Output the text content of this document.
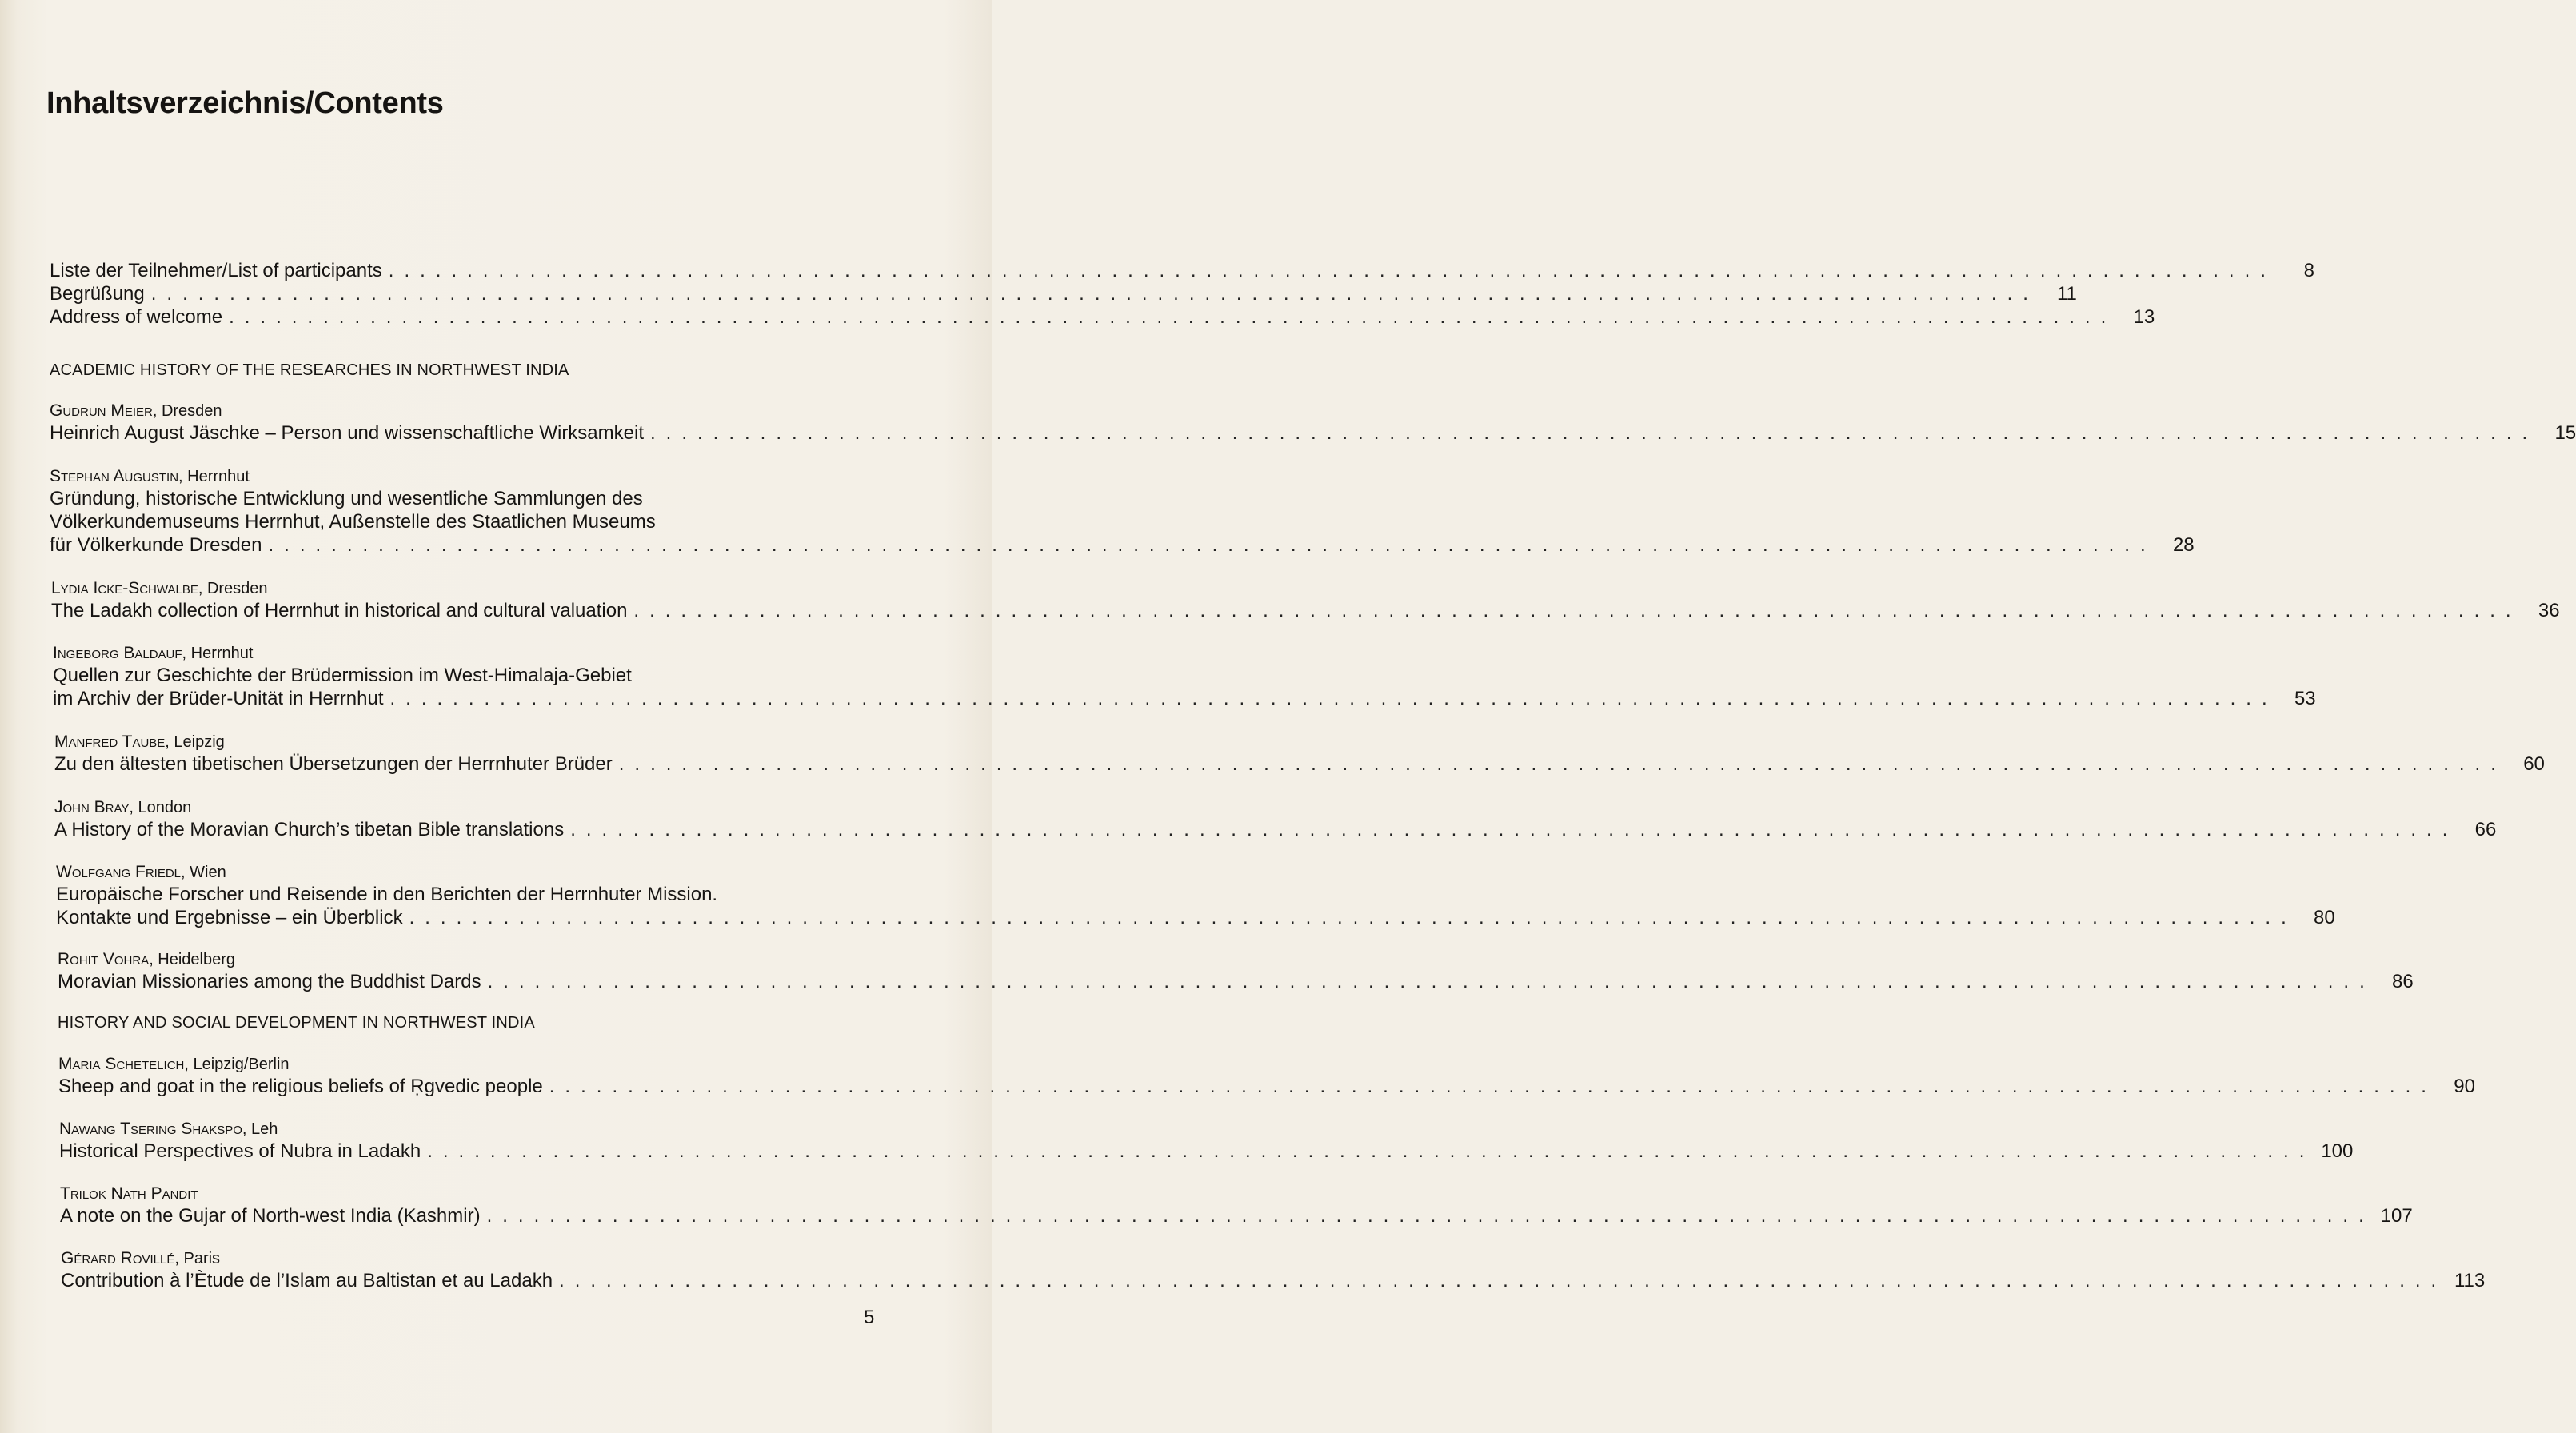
Inhaltsverzeichnis/Contents
Liste der Teilnehmer/List of participants ........................................................................................................................	8
Begrüßung ........................................................................................................................ 11
Address of welcome ........................................................................................................................ 13
ACADEMIC HISTORY OF THE RESEARCHES IN NORTHWEST INDIA
Gudrun Meier, Dresden
Heinrich August Jäschke – Person und wissenschaftliche Wirksamkeit ........................................................................................................................ 15
Stephan Augustin, Herrnhut
Gründung, historische Entwicklung und wesentliche Sammlungen des
Völkerkundemuseums Herrnhut, Außenstelle des Staatlichen Museums
für Völkerkunde Dresden ........................................................................................................................ 28
Lydia Icke-Schwalbe, Dresden
The Ladakh collection of Herrnhut in historical and cultural valuation ........................................................................................................................ 36
Ingeborg Baldauf, Herrnhut
Quellen zur Geschichte der Brüdermission im West-Himalaja-Gebiet
im Archiv der Brüder-Unität in Herrnhut ........................................................................................................................ 53
Manfred Taube, Leipzig
Zu den ältesten tibetischen Übersetzungen der Herrnhuter Brüder ........................................................................................................................ 60
John Bray, London
A History of the Moravian Church’s tibetan Bible translations ........................................................................................................................ 66
Wolfgang Friedl, Wien
Europäische Forscher und Reisende in den Berichten der Herrnhuter Mission.
Kontakte und Ergebnisse – ein Überblick ........................................................................................................................ 80
Rohit Vohra, Heidelberg
Moravian Missionaries among the Buddhist Dards ........................................................................................................................ 86
HISTORY AND SOCIAL DEVELOPMENT IN NORTHWEST INDIA
Maria Schetelich, Leipzig/Berlin
Sheep and goat in the religious beliefs of Ṛgvedic people ........................................................................................................................ 90
Nawang Tsering Shakspo, Leh
Historical Perspectives of Nubra in Ladakh ........................................................................................................................ 100
Trilok Nath Pandit
A note on the Gujar of North-west India (Kashmir) ........................................................................................................................ 107
Gérard Rovillé, Paris
Contribution à l’Ètude de l’Islam au Baltistan et au Ladakh ........................................................................................................................ 113
5
